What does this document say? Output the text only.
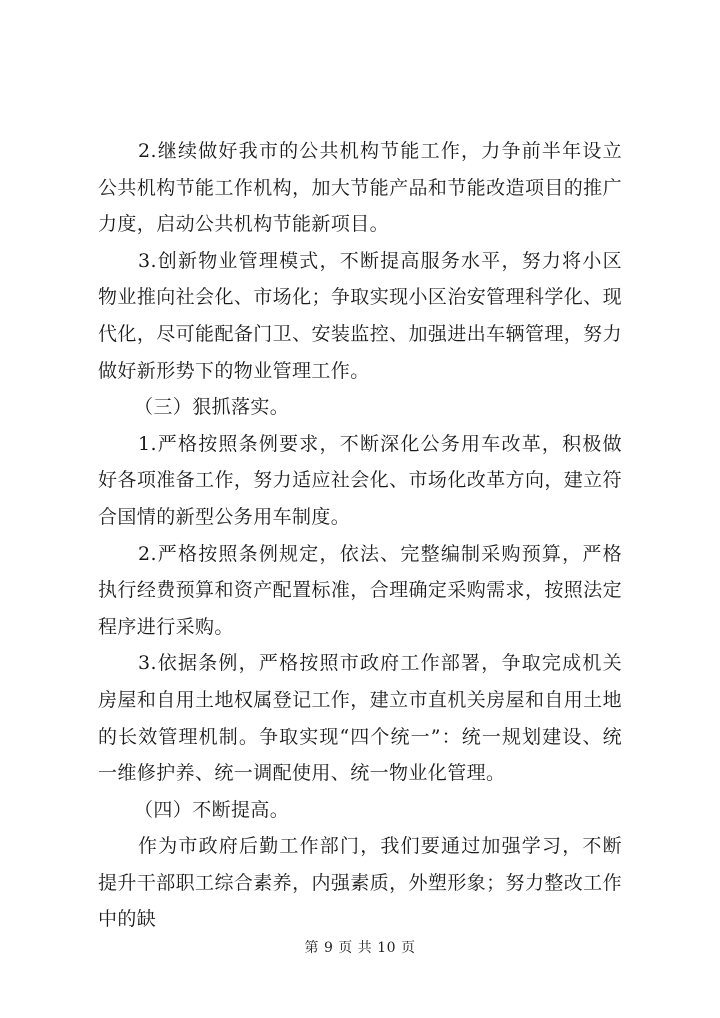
2.继续做好我市的公共机构节能工作，力争前半年设立公共机构节能工作机构，加大节能产品和节能改造项目的推广力度，启动公共机构节能新项目。

3.创新物业管理模式，不断提高服务水平，努力将小区物业推向社会化、市场化；争取实现小区治安管理科学化、现代化，尽可能配备门卫、安装监控、加强进出车辆管理，努力做好新形势下的物业管理工作。

（三）狠抓落实。

1.严格按照条例要求，不断深化公务用车改革，积极做好各项准备工作，努力适应社会化、市场化改革方向，建立符合国情的新型公务用车制度。

2.严格按照条例规定，依法、完整编制采购预算，严格执行经费预算和资产配置标准，合理确定采购需求，按照法定程序进行采购。

3.依据条例，严格按照市政府工作部署，争取完成机关房屋和自用土地权属登记工作，建立市直机关房屋和自用土地的长效管理机制。争取实现“四个统一”：统一规划建设、统一维修护养、统一调配使用、统一物业化管理。

（四）不断提高。

作为市政府后勤工作部门，我们要通过加强学习，不断提升干部职工综合素养，内强素质，外塑形象；努力整改工作中的缺

第 9 页 共 10 页
